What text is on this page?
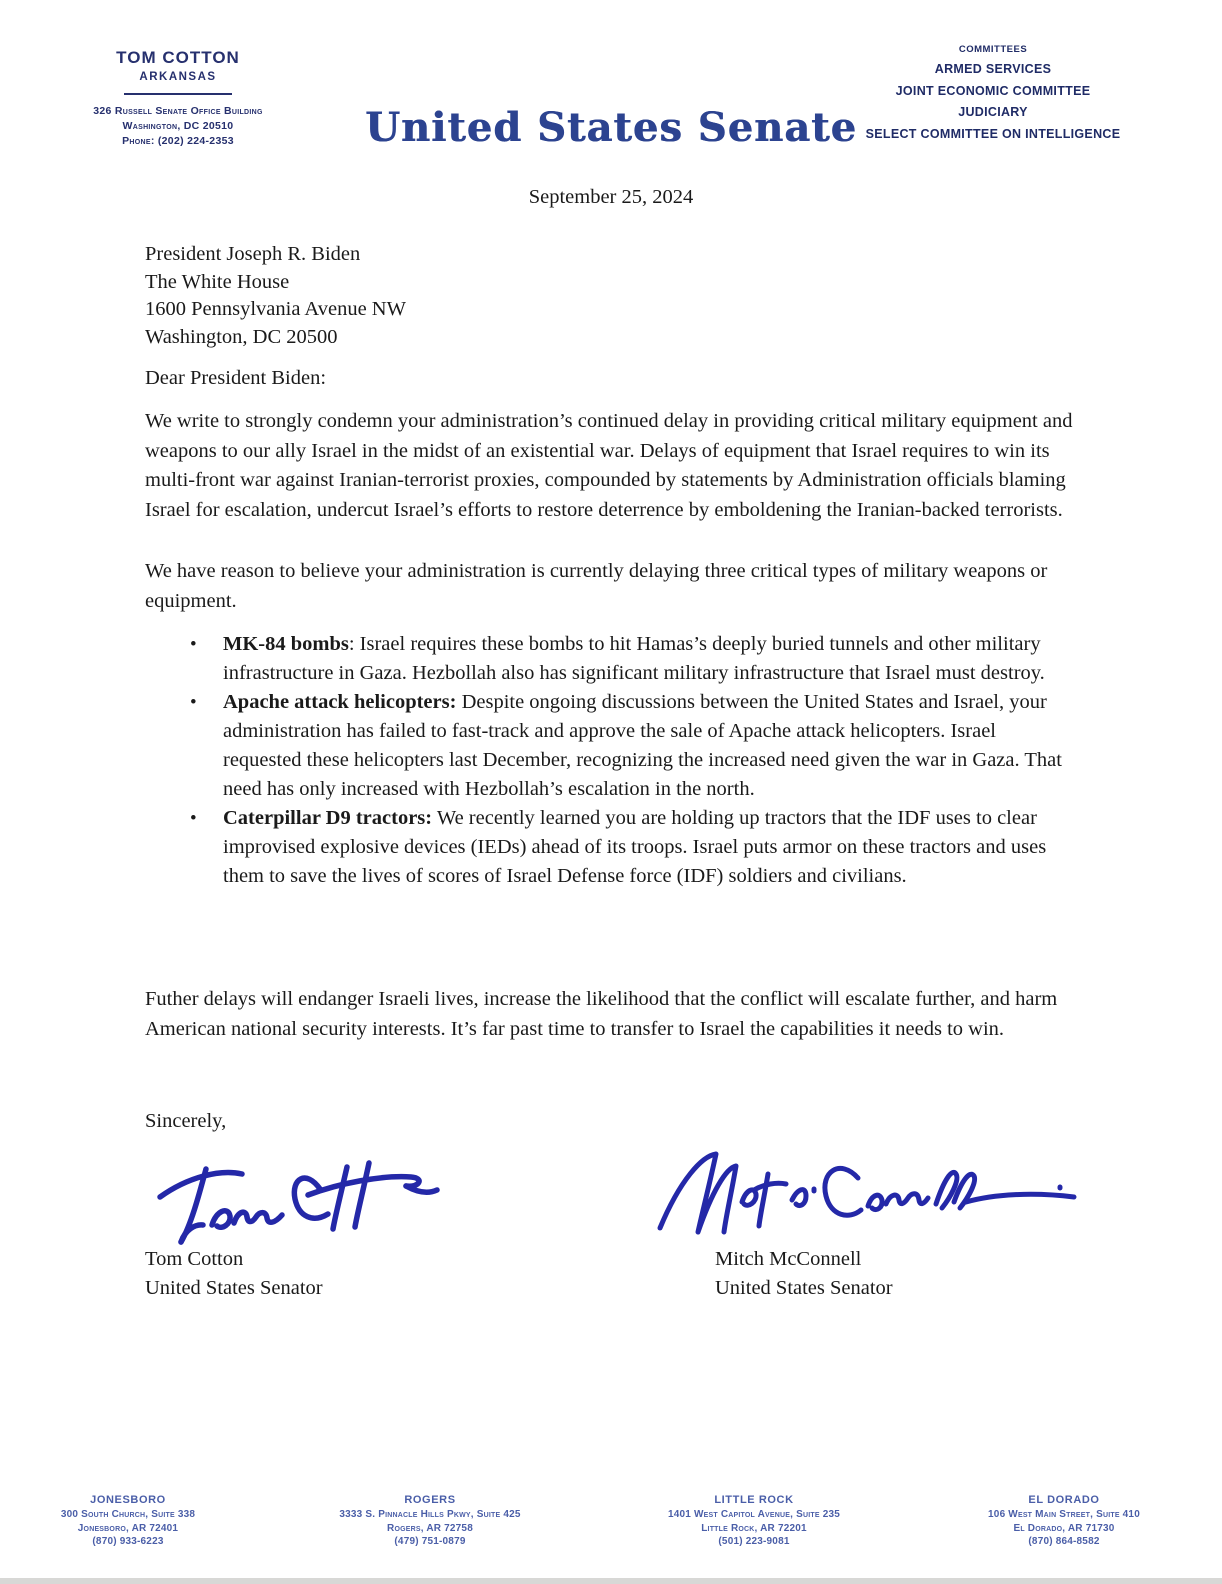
TOM COTTON
ARKANSAS
326 Russell Senate Office Building
Washington, DC 20510
Phone: (202) 224-2353	United States Senate
COMMITTEES
ARMED SERVICES
JOINT ECONOMIC COMMITTEE
JUDICIARY
SELECT COMMITTEE ON INTELLIGENCE
September 25, 2024
President Joseph R. Biden
The White House
1600 Pennsylvania Avenue NW
Washington, DC 20500
Dear President Biden:
We write to strongly condemn your administration’s continued delay in providing critical military equipment and weapons to our ally Israel in the midst of an existential war. Delays of equipment that Israel requires to win its multi-front war against Iranian-terrorist proxies, compounded by statements by Administration officials blaming Israel for escalation, undercut Israel’s efforts to restore deterrence by emboldening the Iranian-backed terrorists.
We have reason to believe your administration is currently delaying three critical types of military weapons or equipment.
•	MK-84 bombs: Israel requires these bombs to hit Hamas’s deeply buried tunnels and other military infrastructure in Gaza. Hezbollah also has significant military infrastructure that Israel must destroy.
•	Apache attack helicopters: Despite ongoing discussions between the United States and Israel, your administration has failed to fast-track and approve the sale of Apache attack helicopters. Israel requested these helicopters last December, recognizing the increased need given the war in Gaza. That need has only increased with Hezbollah’s escalation in the north.
•	Caterpillar D9 tractors: We recently learned you are holding up tractors that the IDF uses to clear improvised explosive devices (IEDs) ahead of its troops. Israel puts armor on these tractors and uses them to save the lives of scores of Israel Defense force (IDF) soldiers and civilians.
Futher delays will endanger Israeli lives, increase the likelihood that the conflict will escalate further, and harm American national security interests. It’s far past time to transfer to Israel the capabilities it needs to win.
Sincerely,
Tom Cotton
United States Senator
Mitch McConnell
United States Senator
JONESBORO
300 South Church, Suite 338
Jonesboro, AR 72401
(870) 933-6223
ROGERS
3333 S. Pinnacle Hills Pkwy, Suite 425
Rogers, AR 72758
(479) 751-0879
LITTLE ROCK
1401 West Capitol Avenue, Suite 235
Little Rock, AR 72201
(501) 223-9081
EL DORADO
106 West Main Street, Suite 410
El Dorado, AR 71730
(870) 864-8582
